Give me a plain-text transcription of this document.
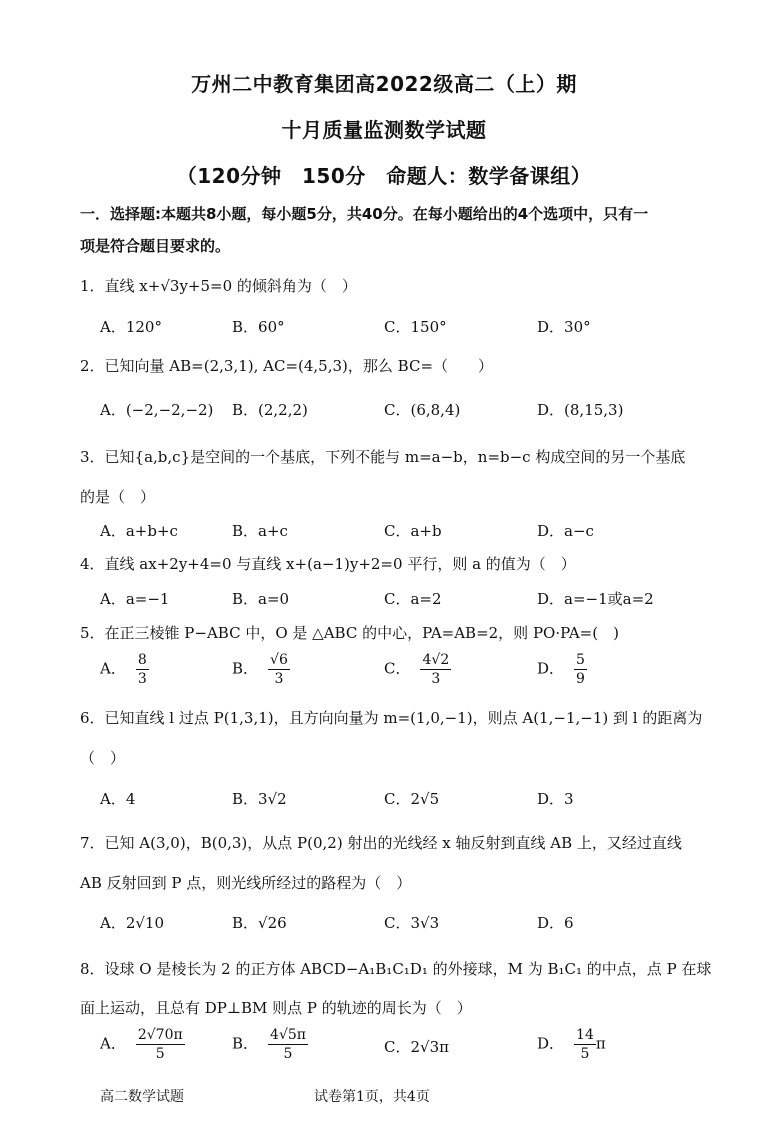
万州二中教育集团高2022级高二（上）期
十月质量监测数学试题
（120分钟　150分　命题人：数学备课组）
一．选择题:本题共8小题，每小题5分，共40分。在每小题给出的4个选项中，只有一
项是符合题目要求的。
1．直线 x+√3y+5=0 的倾斜角为（　）
A．120°	B．60°	C．150°	D．30°
2．已知向量 AB=(2,3,1), AC=(4,5,3)，那么 BC=（　　）
A．(−2,−2,−2) B．(2,2,2)	C．(6,8,4)	D．(8,15,3)
3．已知{a,b,c}是空间的一个基底，下列不能与 m=a−b，n=b−c 构成空间的另一个基底
的是（　）
A．a+b+c	B．a+c	C．a+b	D．a−c
4．直线 ax+2y+4=0 与直线 x+(a−1)y+2=0 平行，则 a 的值为（　）
A．a=−1	B．a=0	C．a=2	D．a=−1或a=2
5．在正三棱锥 P−ABC 中，O 是 △ABC 的中心，PA=AB=2，则 PO·PA=(　)
A． $\frac{8}{3}$	B． $\frac{√6}{3}$	C． $\frac{4√2}{3}$	D． $\frac{5}{9}$
6．已知直线 l 过点 P(1,3,1)，且方向向量为 m=(1,0,−1)，则点 A(1,−1,−1) 到 l 的距离为
（　）
A．4	B．3√2	C．2√5	D．3
7．已知 A(3,0)，B(0,3)，从点 P(0,2) 射出的光线经 x 轴反射到直线 AB 上，又经过直线
AB 反射回到 P 点，则光线所经过的路程为（　）
A．2√10	B．√26	C．3√3	D．6
8．设球 O 是棱长为 2 的正方体 ABCD−A₁B₁C₁D₁ 的外接球，M 为 B₁C₁ 的中点，点 P 在球
面上运动，且总有 DP⊥BM 则点 P 的轨迹的周长为（　）
A． $\frac{2√70\pi}{5}$	B． $\frac{4√5\pi}{5}$	C．2√3π	D． $\frac{14}{5}$ π
高二数学试题	试卷第1页，共4页
